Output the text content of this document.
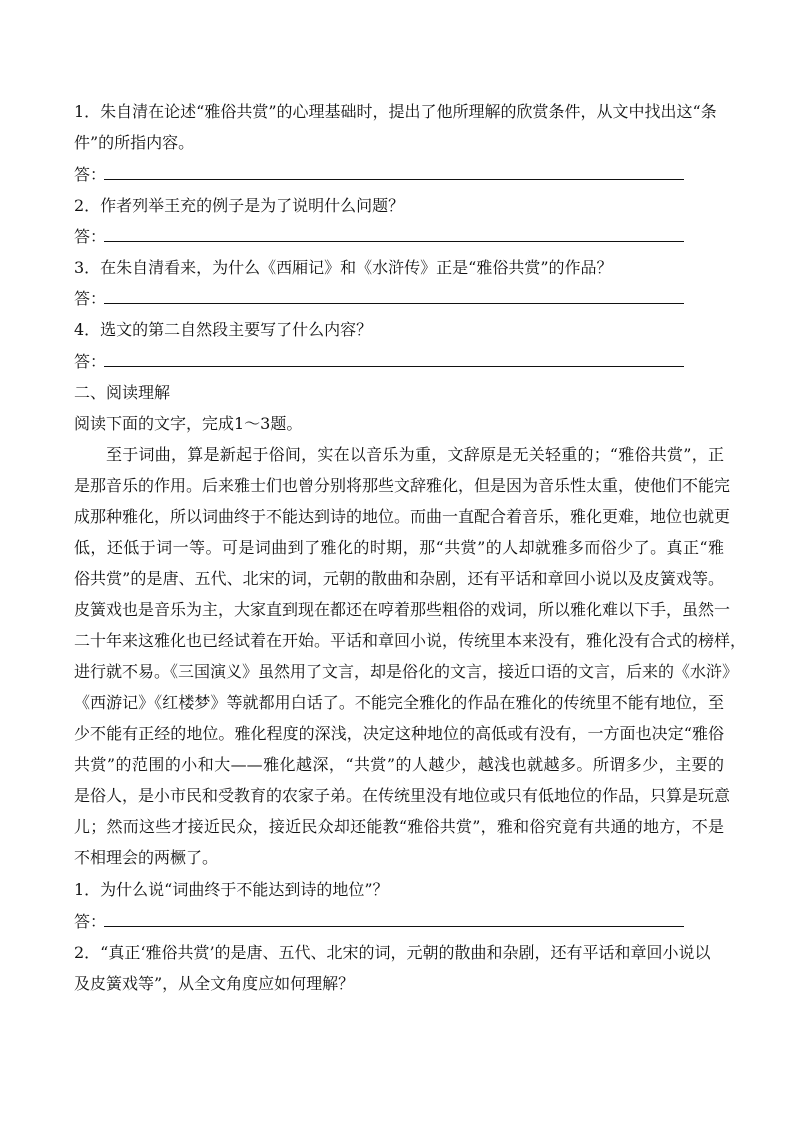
1．朱自清在论述“雅俗共赏”的心理基础时，提出了他所理解的欣赏条件，从文中找出这“条
件”的所指内容。
答：
2．作者列举王充的例子是为了说明什么问题？
答：
3．在朱自清看来，为什么《西厢记》和《水浒传》正是“雅俗共赏”的作品？
答：
4．选文的第二自然段主要写了什么内容？
答：
二、阅读理解
阅读下面的文字，完成1～3题。
至于词曲，算是新起于俗间，实在以音乐为重，文辞原是无关轻重的；“雅俗共赏”，正
是那音乐的作用。后来雅士们也曾分别将那些文辞雅化，但是因为音乐性太重，使他们不能完
成那种雅化，所以词曲终于不能达到诗的地位。而曲一直配合着音乐，雅化更难，地位也就更
低，还低于词一等。可是词曲到了雅化的时期，那“共赏”的人却就雅多而俗少了。真正“雅
俗共赏”的是唐、五代、北宋的词，元朝的散曲和杂剧，还有平话和章回小说以及皮簧戏等。
皮簧戏也是音乐为主，大家直到现在都还在哼着那些粗俗的戏词，所以雅化难以下手，虽然一
二十年来这雅化也已经试着在开始。平话和章回小说，传统里本来没有，雅化没有合式的榜样，
进行就不易。《三国演义》虽然用了文言，却是俗化的文言，接近口语的文言，后来的《水浒》
《西游记》《红楼梦》等就都用白话了。不能完全雅化的作品在雅化的传统里不能有地位，至
少不能有正经的地位。雅化程度的深浅，决定这种地位的高低或有没有，一方面也决定“雅俗
共赏”的范围的小和大——雅化越深，“共赏”的人越少，越浅也就越多。所谓多少，主要的
是俗人，是小市民和受教育的农家子弟。在传统里没有地位或只有低地位的作品，只算是玩意
儿；然而这些才接近民众，接近民众却还能教“雅俗共赏”，雅和俗究竟有共通的地方，不是
不相理会的两橛了。
1．为什么说“词曲终于不能达到诗的地位”？
答：
2．“真正‘雅俗共赏’的是唐、五代、北宋的词，元朝的散曲和杂剧，还有平话和章回小说以
及皮簧戏等”，从全文角度应如何理解？
